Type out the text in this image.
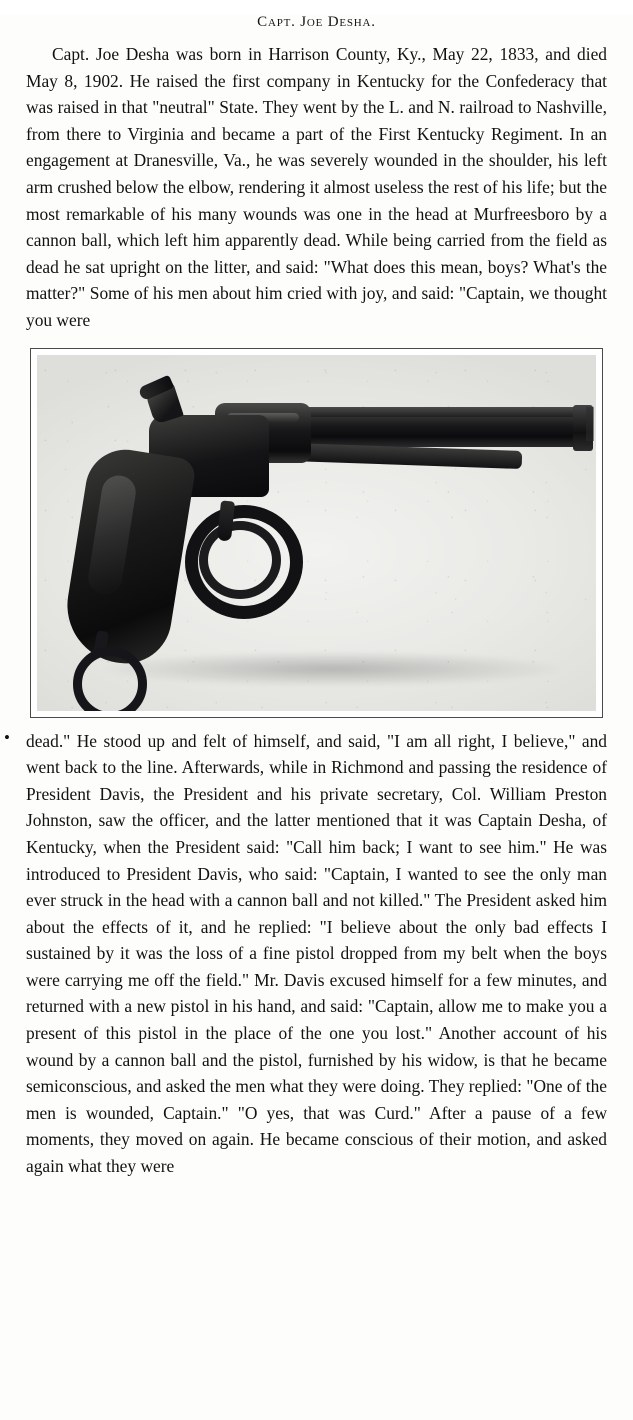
Capt. Joe Desha.

Capt. Joe Desha was born in Harrison County, Ky., May 22, 1833, and died May 8, 1902. He raised the first company in Kentucky for the Confederacy that was raised in that "neutral" State. They went by the L. and N. railroad to Nashville, from there to Virginia and became a part of the First Kentucky Regiment. In an engagement at Dranesville, Va., he was severely wounded in the shoulder, his left arm crushed below the elbow, rendering it almost useless the rest of his life; but the most remarkable of his many wounds was one in the head at Murfreesboro by a cannon ball, which left him apparently dead. While being carried from the field as dead he sat upright on the litter, and said: "What does this mean, boys? What's the matter?" Some of his men about him cried with joy, and said: "Captain, we thought you were

• dead." He stood up and felt of himself, and said, "I am all right, I believe," and went back to the line. Afterwards, while in Richmond and passing the residence of President Davis, the President and his private secretary, Col. William Preston Johnston, saw the officer, and the latter mentioned that it was Captain Desha, of Kentucky, when the President said: "Call him back; I want to see him." He was introduced to President Davis, who said: "Captain, I wanted to see the only man ever struck in the head with a cannon ball and not killed." The President asked him about the effects of it, and he replied: "I believe about the only bad effects I sustained by it was the loss of a fine pistol dropped from my belt when the boys were carrying me off the field." Mr. Davis excused himself for a few minutes, and returned with a new pistol in his hand, and said: "Captain, allow me to make you a present of this pistol in the place of the one you lost." Another account of his wound by a cannon ball and the pistol, furnished by his widow, is that he became semiconscious, and asked the men what they were doing. They replied: "One of the men is wounded, Captain." "O yes, that was Curd." After a pause of a few moments, they moved on again. He became conscious of their motion, and asked again what they were
